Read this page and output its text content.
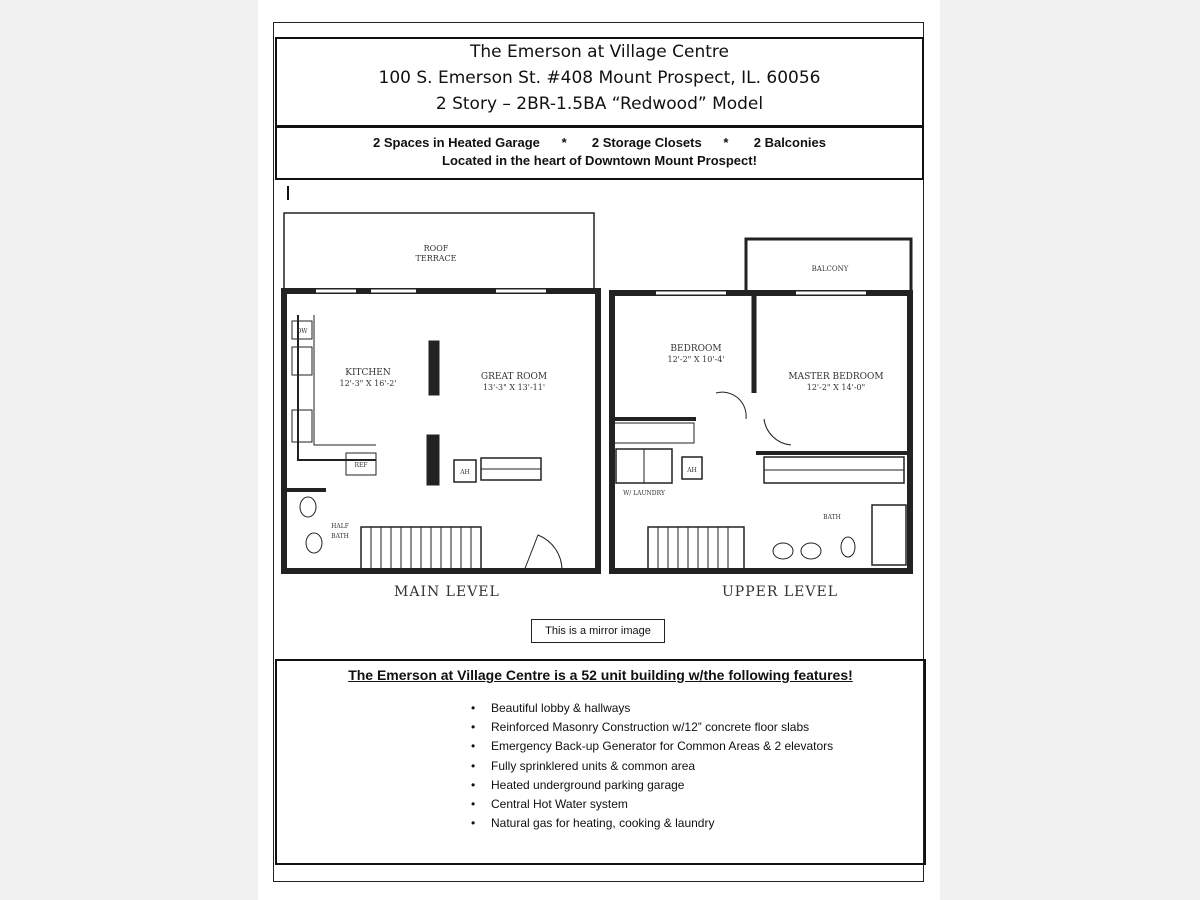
The Emerson at Village Centre
100 S. Emerson St. #408 Mount Prospect, IL. 60056
2 Story – 2BR-1.5BA “Redwood” Model
2 Spaces in Heated Garage      *       2 Storage Closets      *       2 Balconies
Located in the heart of Downtown Mount Prospect!
ROOF
TERRACE
KITCHEN
12'-3" X 16'-2'
GREAT ROOM
13'-3" X 13'-11'
DW
REF
AH
HALF
BATH
BALCONY
BEDROOM
12'-2" X 10'-4'
MASTER BEDROOM
12'-2" X 14'-0"
W/ LAUNDRY
AH
BATH
MAIN LEVEL	UPPER LEVEL
This is a mirror image
The Emerson at Village Centre is a 52 unit building w/the following features!
• Beautiful lobby & hallways
• Reinforced Masonry Construction w/12” concrete floor slabs
• Emergency Back-up Generator for Common Areas & 2 elevators
• Fully sprinklered units & common area
• Heated underground parking garage
• Central Hot Water system
• Natural gas for heating, cooking & laundry
